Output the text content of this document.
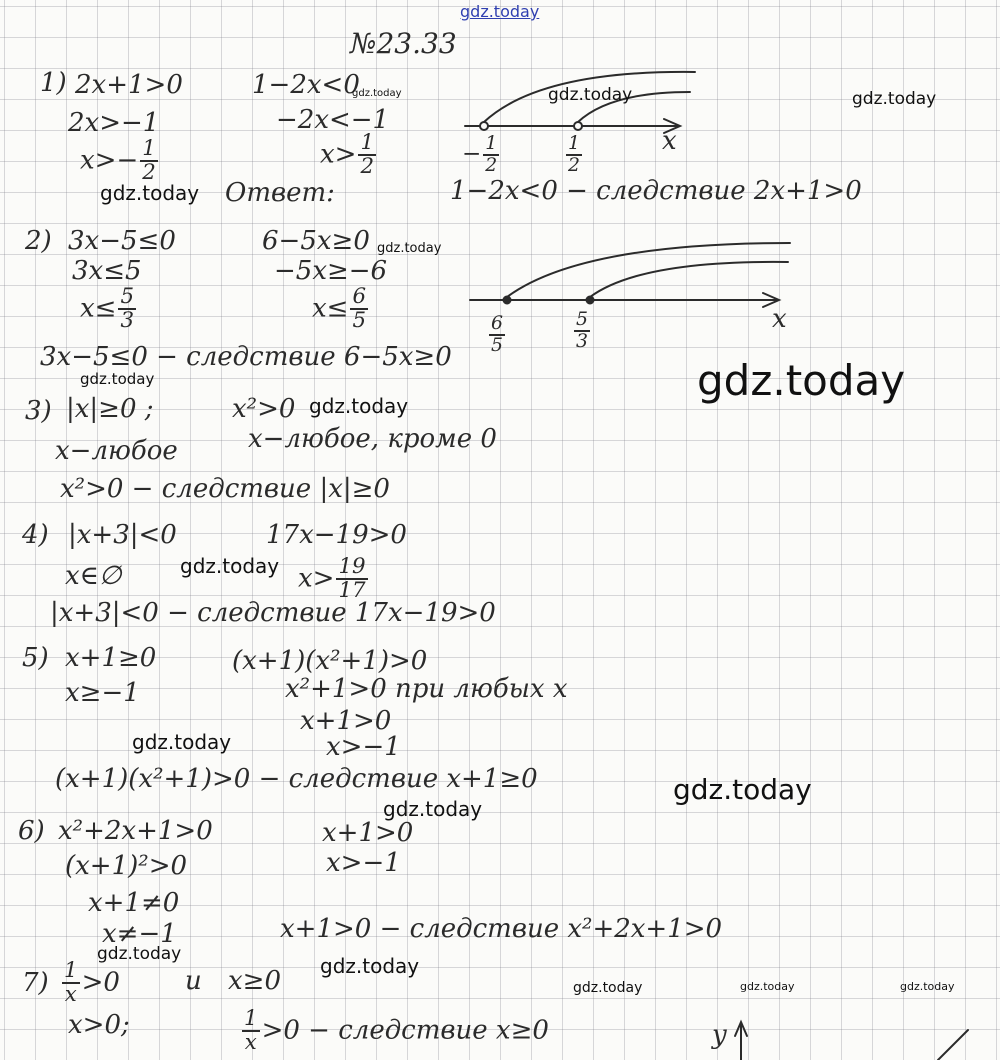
gdz.today
№23.33
1) 2x+1>0
2x>−1
$x>- \frac{1}{2}$
1−2x<0
−2x<−1
$x> \frac{1}{2}$	− $\frac{1}{2}$	$\frac{1}{2}$	x
Ответ:	1−2x<0 − следствие 2x+1>0
2) 3x−5≤0
3x≤5
$x\le \frac{5}{3}$
6−5x≥0
−5x≥−6
$x\le \frac{6}{5}$
$\frac{6}{5}$	$\frac{5}{3}$	x
3x−5≤0 − следствие 6−5x≥0
3) |x|≥0 ;
x−любое
x²>0
x−любое, кроме 0
x²>0 − следствие |x|≥0
4) |x+3|<0
x∈∅
17x−19>0
$x> \frac{19}{17}$
|x+3|<0 − следствие 17x−19>0
5) x+1≥0
x≥−1
(x+1)(x²+1)>0
x²+1>0 при любых x
x+1>0
x>−1
(x+1)(x²+1)>0 − следствие x+1≥0
6) x²+2x+1>0
(x+1)²>0
x+1≠0
x≠−1
x+1>0
x>−1
x+1>0 − следствие x²+2x+1>0
$7) \frac{1}{x} >0$	и x≥0
x>0;	$\frac{1}{x} >0$ − следствие x≥0	y
gdz.today	gdz.today	gdz.today
gdz.today
gdz.today
gdz.today	gdz.today
gdz.today
gdz.today
gdz.today
gdz.today
gdz.today
gdz.today	gdz.today
gdz.today	gdz.today	gdz.today
